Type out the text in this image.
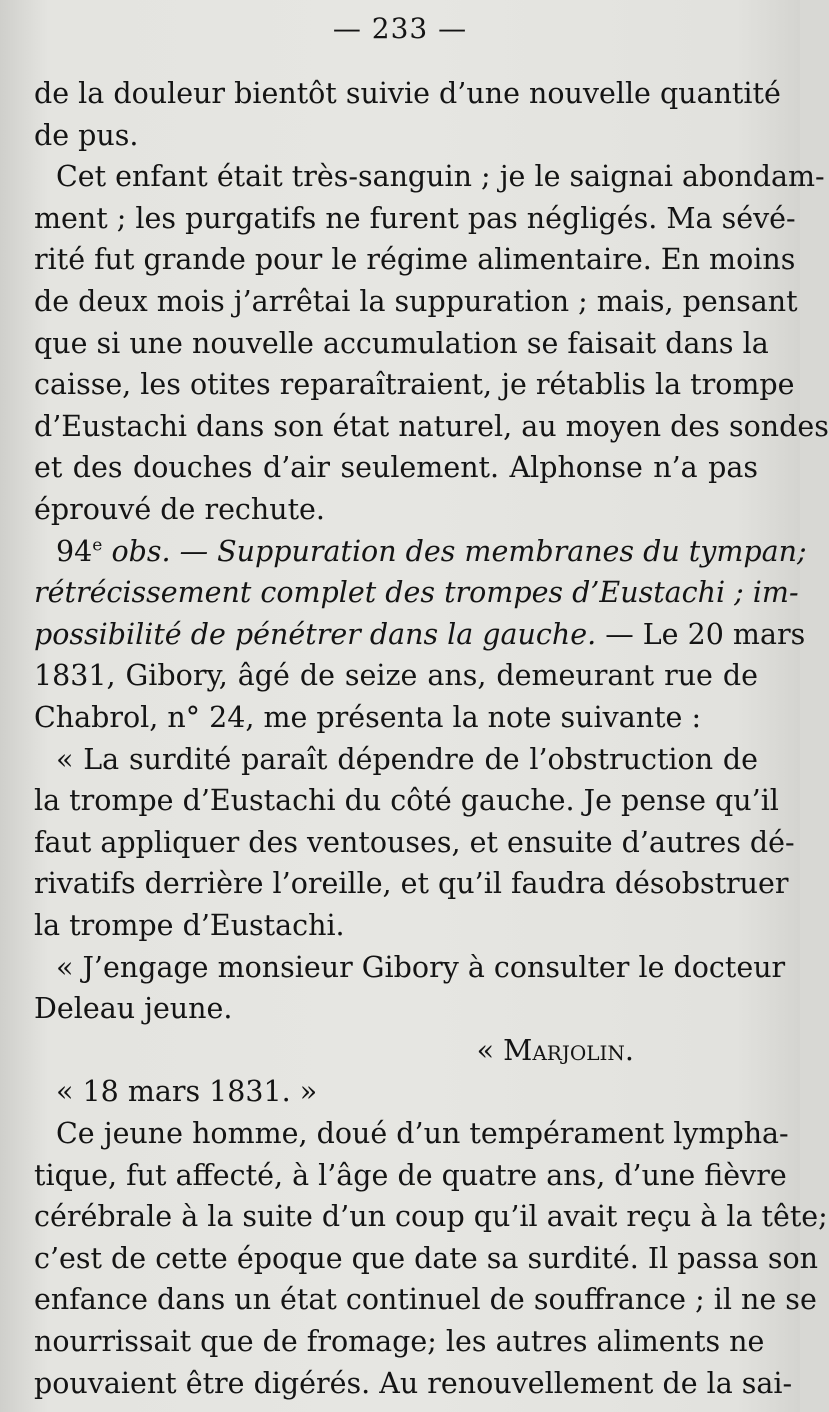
— 233 —
de la douleur bientôt suivie d’une nouvelle quantité
de pus.
Cet enfant était très-sanguin ; je le saignai abondam-
ment ; les purgatifs ne furent pas négligés. Ma sévé-
rité fut grande pour le régime alimentaire. En moins
de deux mois j’arrêtai la suppuration ; mais, pensant
que si une nouvelle accumulation se faisait dans la
caisse, les otites reparaîtraient, je rétablis la trompe
d’Eustachi dans son état naturel, au moyen des sondes
et des douches d’air seulement. Alphonse n’a pas
éprouvé de rechute.
94e obs. — Suppuration des membranes du tympan;
rétrécissement complet des trompes d’Eustachi ; im-
possibilité de pénétrer dans la gauche. — Le 20 mars
1831, Gibory, âgé de seize ans, demeurant rue de
Chabrol, n° 24, me présenta la note suivante :
« La surdité paraît dépendre de l’obstruction de
la trompe d’Eustachi du côté gauche. Je pense qu’il
faut appliquer des ventouses, et ensuite d’autres dé-
rivatifs derrière l’oreille, et qu’il faudra désobstruer
la trompe d’Eustachi.
« J’engage monsieur Gibory à consulter le docteur
Deleau jeune.
« Marjolin.
« 18 mars 1831. »
Ce jeune homme, doué d’un tempérament lympha-
tique, fut affecté, à l’âge de quatre ans, d’une fièvre
cérébrale à la suite d’un coup qu’il avait reçu à la tête;
c’est de cette époque que date sa surdité. Il passa son
enfance dans un état continuel de souffrance ; il ne se
nourrissait que de fromage; les autres aliments ne
pouvaient être digérés. Au renouvellement de la sai-
